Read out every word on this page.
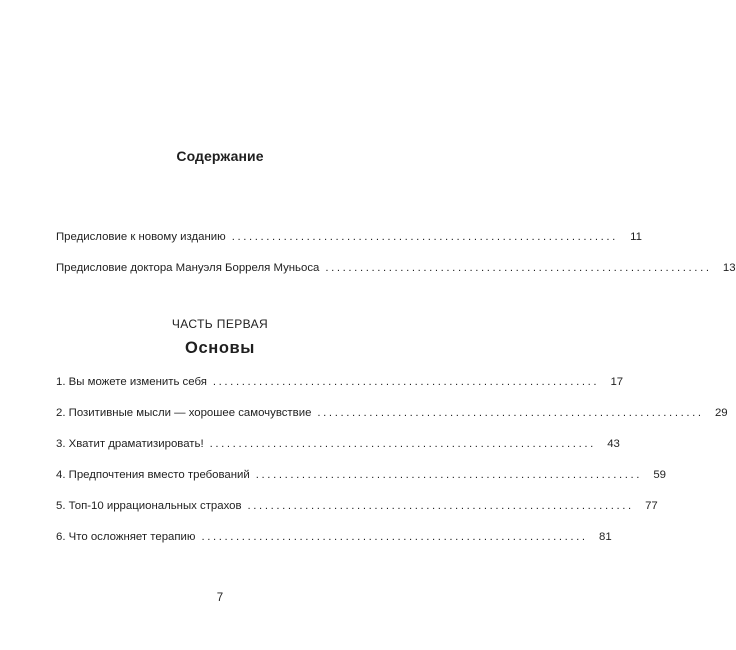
Содержание
Предисловие к новому изданию ...................................................................	11
Предисловие доктора Мануэля Борреля Муньоса ................................................................... 13
ЧАСТЬ ПЕРВАЯ
Основы
1. Вы можете изменить себя ................................................................... 17
2. Позитивные мысли — хорошее самочувствие ................................................................... 29
3. Хватит драматизировать! ................................................................... 43
4. Предпочтения вместо требований ................................................................... 59
5. Топ-10 иррациональных страхов ................................................................... 77
6. Что осложняет терапию ................................................................... 81
7
